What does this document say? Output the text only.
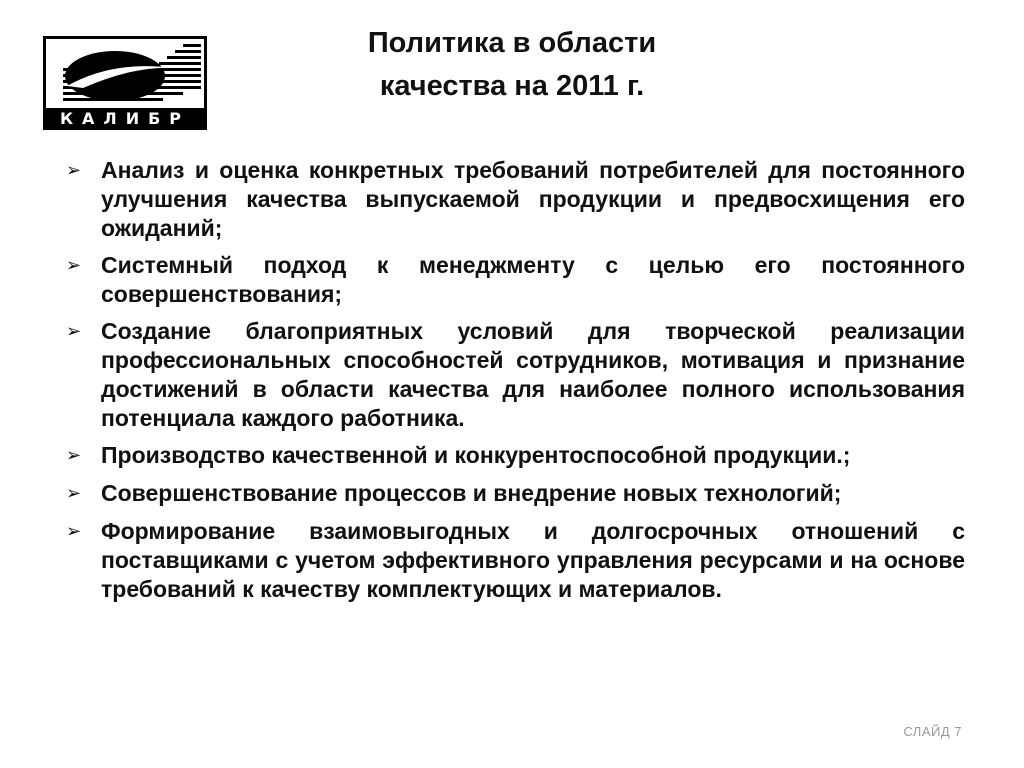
КАЛИБР
Политика в области
качества на 2011 г.
➢ Анализ и оценка конкретных требований потребителей для постоянного улучшения качества выпускаемой продукции и предвосхищения его ожиданий;
➢ Системный подход к менеджменту с целью его постоянного совершенствования;
➢ Создание благоприятных условий для творческой реализации профессиональных способностей сотрудников, мотивация и признание достижений в области качества для наиболее полного использования потенциала каждого работника.
➢ Производство качественной и конкурентоспособной продукции.;
➢ Совершенствование процессов и внедрение новых технологий;
➢ Формирование взаимовыгодных и долгосрочных отношений с поставщиками с учетом эффективного управления ресурсами и на основе требований к качеству комплектующих и материалов.
СЛАЙД 7
